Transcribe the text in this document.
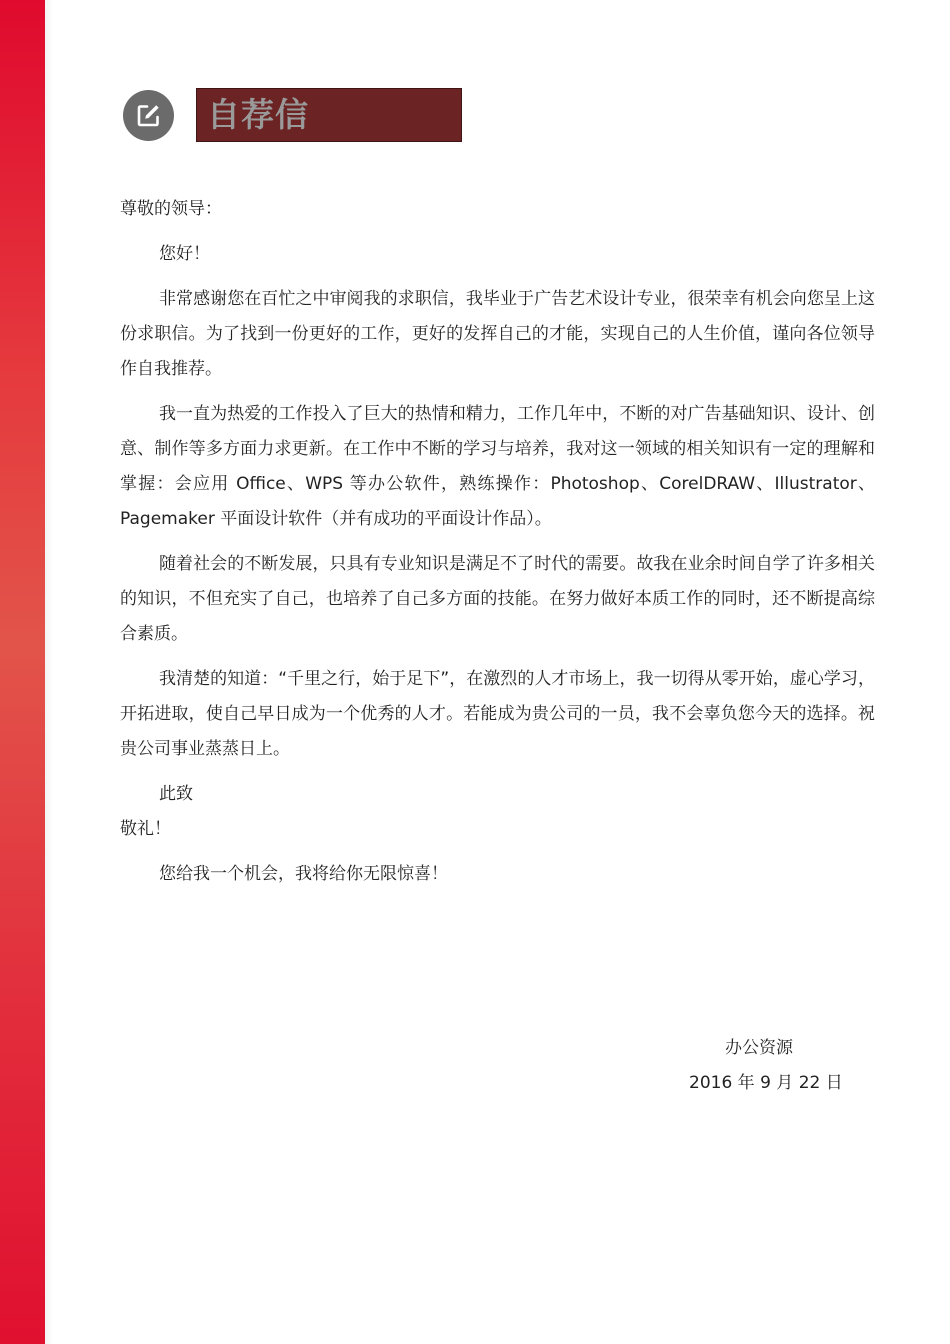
自荐信

尊敬的领导：

您好！

非常感谢您在百忙之中审阅我的求职信，我毕业于广告艺术设计专业，很荣幸有机会向您呈上这份求职信。为了找到一份更好的工作，更好的发挥自己的才能，实现自己的人生价值，谨向各位领导作自我推荐。

我一直为热爱的工作投入了巨大的热情和精力，工作几年中，不断的对广告基础知识、设计、创意、制作等多方面力求更新。在工作中不断的学习与培养，我对这一领域的相关知识有一定的理解和掌握：会应用 Office、WPS 等办公软件，熟练操作：Photoshop、CorelDRAW、Illustrator、Pagemaker 平面设计软件（并有成功的平面设计作品）。

随着社会的不断发展，只具有专业知识是满足不了时代的需要。故我在业余时间自学了许多相关的知识，不但充实了自己，也培养了自己多方面的技能。在努力做好本质工作的同时，还不断提高综合素质。

我清楚的知道：“千里之行，始于足下”，在激烈的人才市场上，我一切得从零开始，虚心学习，开拓进取，使自己早日成为一个优秀的人才。若能成为贵公司的一员，我不会辜负您今天的选择。祝贵公司事业蒸蒸日上。

此致

敬礼！

您给我一个机会，我将给你无限惊喜！

办公资源
2016 年 9 月 22 日
